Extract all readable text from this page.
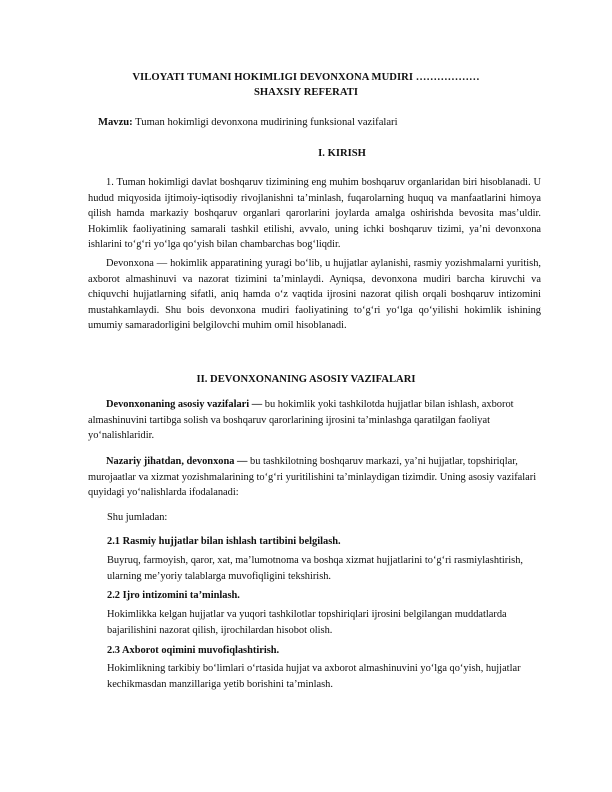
VILOYATI TUMANI HOKIMLIGI DEVONXONA MUDIRI ………………
SHAXSIY REFERATI
Mavzu: Tuman hokimligi devonxona mudirining funksional vazifalari
I. KIRISH

1. Tuman hokimligi davlat boshqaruv tizimining eng muhim boshqaruv organlaridan biri hisoblanadi. U hudud miqyosida ijtimoiy-iqtisodiy rivojlanishni ta’minlash, fuqarolarning huquq va manfaatlarini himoya qilish hamda markaziy boshqaruv organlari qarorlarini joylarda amalga oshirishda bevosita mas’uldir. Hokimlik faoliyatining samarali tashkil etilishi, avvalo, uning ichki boshqaruv tizimi, ya’ni devonxona ishlarini to‘g‘ri yo‘lga qo‘yish bilan chambarchas bog‘liqdir.

Devonxona — hokimlik apparatining yuragi bo‘lib, u hujjatlar aylanishi, rasmiy yozishmalarni yuritish, axborot almashinuvi va nazorat tizimini ta’minlaydi. Ayniqsa, devonxona mudiri barcha kiruvchi va chiquvchi hujjatlarning sifatli, aniq hamda o‘z vaqtida ijrosini nazorat qilish orqali boshqaruv intizomini mustahkamlaydi. Shu bois devonxona mudiri faoliyatining to‘g‘ri yo‘lga qo‘yilishi hokimlik ishining umumiy samaradorligini belgilovchi muhim omil hisoblanadi.

II. DEVONXONANING ASOSIY VAZIFALARI

Devonxonaning asosiy vazifalari — bu hokimlik yoki tashkilotda hujjatlar bilan ishlash, axborot almashinuvini tartibga solish va boshqaruv qarorlarining ijrosini ta’minlashga qaratilgan faoliyat yo‘nalishlaridir.

Nazariy jihatdan, devonxona — bu tashkilotning boshqaruv markazi, ya’ni hujjatlar, topshiriqlar, murojaatlar va xizmat yozishmalarining to‘g‘ri yuritilishini ta’minlaydigan tizimdir. Uning asosiy vazifalari quyidagi yo‘nalishlarda ifodalanadi:

Shu jumladan:

2.1 Rasmiy hujjatlar bilan ishlash tartibini belgilash.

Buyruq, farmoyish, qaror, xat, ma’lumotnoma va boshqa xizmat hujjatlarini to‘g‘ri rasmiylashtirish, ularning me’yoriy talablarga muvofiqligini tekshirish.

2.2 Ijro intizomini ta’minlash.

Hokimlikka kelgan hujjatlar va yuqori tashkilotlar topshiriqlari ijrosini belgilangan muddatlarda bajarilishini nazorat qilish, ijrochilardan hisobot olish.

2.3 Axborot oqimini muvofiqlashtirish.

Hokimlikning tarkibiy bo‘limlari o‘rtasida hujjat va axborot almashinuvini yo‘lga qo‘yish, hujjatlar kechikmasdan manzillariga yetib borishini ta’minlash.
